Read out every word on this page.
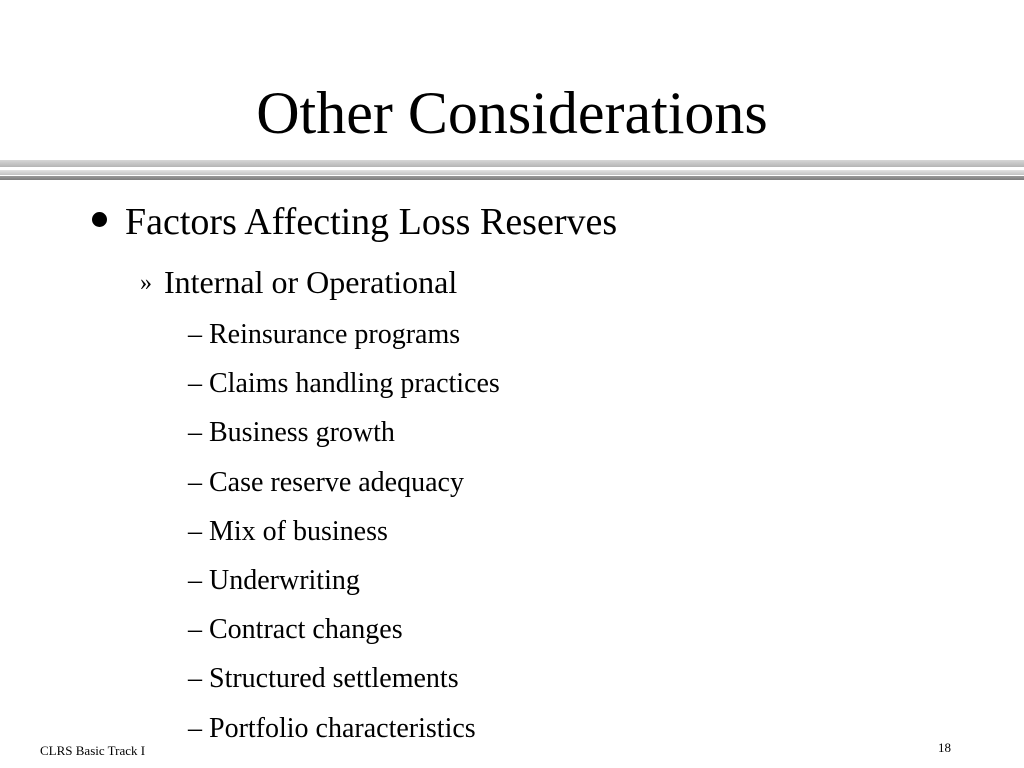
Other Considerations
Factors Affecting Loss Reserves
» Internal or Operational
– Reinsurance programs
– Claims handling practices
– Business growth
– Case reserve adequacy
– Mix of business
– Underwriting
– Contract changes
– Structured settlements
– Portfolio characteristics
CLRS Basic Track I	18
